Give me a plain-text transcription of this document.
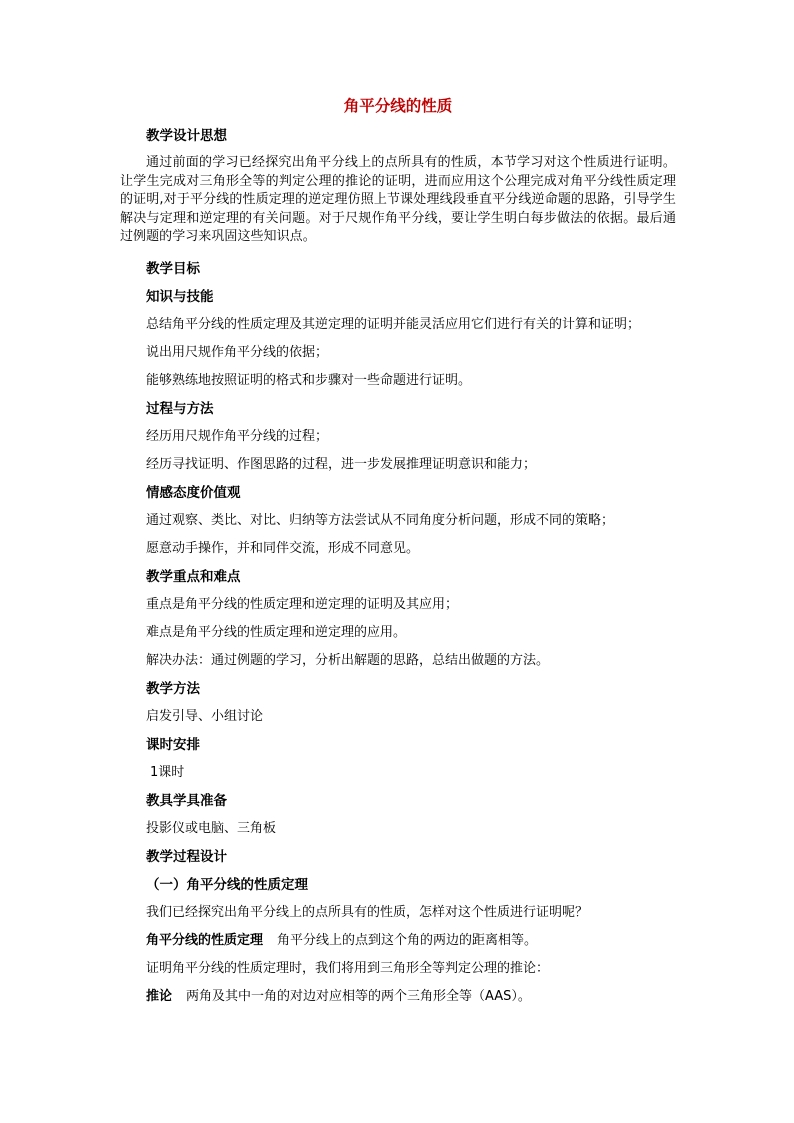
角平分线的性质
教学设计思想
通过前面的学习已经探究出角平分线上的点所具有的性质，本节学习对这个性质进行证明。让学生完成对三角形全等的判定公理的推论的证明，进而应用这个公理完成对角平分线性质定理的证明,对于平分线的性质定理的逆定理仿照上节课处理线段垂直平分线逆命题的思路，引导学生解决与定理和逆定理的有关问题。对于尺规作角平分线，要让学生明白每步做法的依据。最后通过例题的学习来巩固这些知识点。
教学目标
知识与技能
总结角平分线的性质定理及其逆定理的证明并能灵活应用它们进行有关的计算和证明；
说出用尺规作角平分线的依据；
能够熟练地按照证明的格式和步骤对一些命题进行证明。
过程与方法
经历用尺规作角平分线的过程；
经历寻找证明、作图思路的过程，进一步发展推理证明意识和能力；
情感态度价值观
通过观察、类比、对比、归纳等方法尝试从不同角度分析问题，形成不同的策略；
愿意动手操作，并和同伴交流，形成不同意见。
教学重点和难点
重点是角平分线的性质定理和逆定理的证明及其应用；
难点是角平分线的性质定理和逆定理的应用。
解决办法：通过例题的学习，分析出解题的思路，总结出做题的方法。
教学方法
启发引导、小组讨论
课时安排
1课时
教具学具准备
投影仪或电脑、三角板
教学过程设计
（一）角平分线的性质定理
我们已经探究出角平分线上的点所具有的性质，怎样对这个性质进行证明呢？
角平分线的性质定理 角平分线上的点到这个角的两边的距离相等。
证明角平分线的性质定理时，我们将用到三角形全等判定公理的推论：
推论 两角及其中一角的对边对应相等的两个三角形全等（AAS）。
